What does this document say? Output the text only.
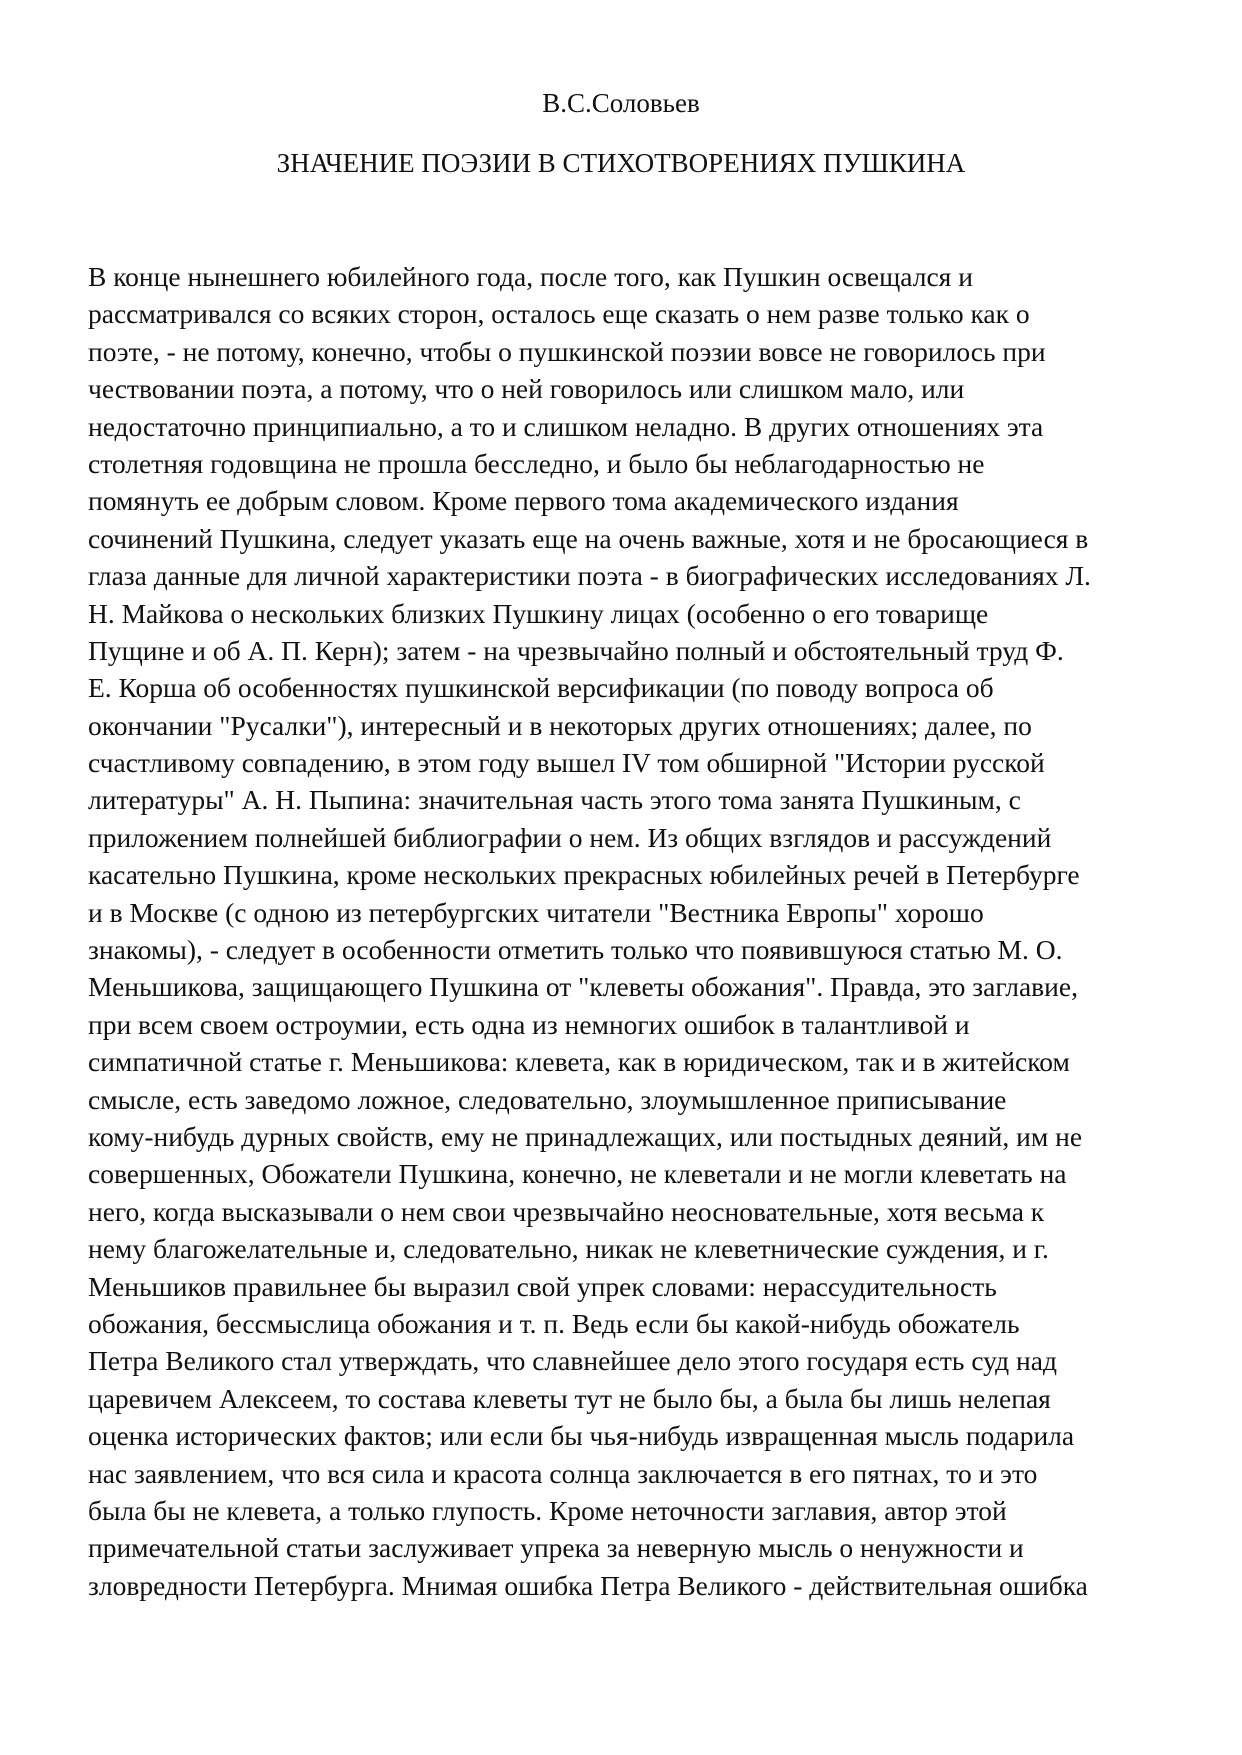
В.С.Соловьев
ЗНАЧЕНИЕ ПОЭЗИИ В СТИХОТВОРЕНИЯХ ПУШКИНА
В конце нынешнего юбилейного года, после того, как Пушкин освещался и
рассматривался со всяких сторон, осталось еще сказать о нем разве только как о
поэте, - не потому, конечно, чтобы о пушкинской поэзии вовсе не говорилось при
чествовании поэта, а потому, что о ней говорилось или слишком мало, или
недостаточно принципиально, а то и слишком неладно. В других отношениях эта
столетняя годовщина не прошла бесследно, и было бы неблагодарностью не
помянуть ее добрым словом. Кроме первого тома академического издания
сочинений Пушкина, следует указать еще на очень важные, хотя и не бросающиеся в
глаза данные для личной характеристики поэта - в биографических исследованиях Л.
Н. Майкова о нескольких близких Пушкину лицах (особенно о его товарище
Пущине и об А. П. Керн); затем - на чрезвычайно полный и обстоятельный труд Ф.
Е. Корша об особенностях пушкинской версификации (по поводу вопроса об
окончании "Русалки"), интересный и в некоторых других отношениях; далее, по
счастливому совпадению, в этом году вышел IV том обширной "Истории русской
литературы" А. Н. Пыпина: значительная часть этого тома занята Пушкиным, с
приложением полнейшей библиографии о нем. Из общих взглядов и рассуждений
касательно Пушкина, кроме нескольких прекрасных юбилейных речей в Петербурге
и в Москве (с одною из петербургских читатели "Вестника Европы" хорошо
знакомы), - следует в особенности отметить только что появившуюся статью М. О.
Меньшикова, защищающего Пушкина от "клеветы обожания". Правда, это заглавие,
при всем своем остроумии, есть одна из немногих ошибок в талантливой и
симпатичной статье г. Меньшикова: клевета, как в юридическом, так и в житейском
смысле, есть заведомо ложное, следовательно, злоумышленное приписывание
кому-нибудь дурных свойств, ему не принадлежащих, или постыдных деяний, им не
совершенных, Обожатели Пушкина, конечно, не клеветали и не могли клеветать на
него, когда высказывали о нем свои чрезвычайно неосновательные, хотя весьма к
нему благожелательные и, следовательно, никак не клеветнические суждения, и г.
Меньшиков правильнее бы выразил свой упрек словами: нерассудительность
обожания, бессмыслица обожания и т. п. Ведь если бы какой-нибудь обожатель
Петра Великого стал утверждать, что славнейшее дело этого государя есть суд над
царевичем Алексеем, то состава клеветы тут не было бы, а была бы лишь нелепая
оценка исторических фактов; или если бы чья-нибудь извращенная мысль подарила
нас заявлением, что вся сила и красота солнца заключается в его пятнах, то и это
была бы не клевета, а только глупость. Кроме неточности заглавия, автор этой
примечательной статьи заслуживает упрека за неверную мысль о ненужности и
зловредности Петербурга. Мнимая ошибка Петра Великого - действительная ошибка
